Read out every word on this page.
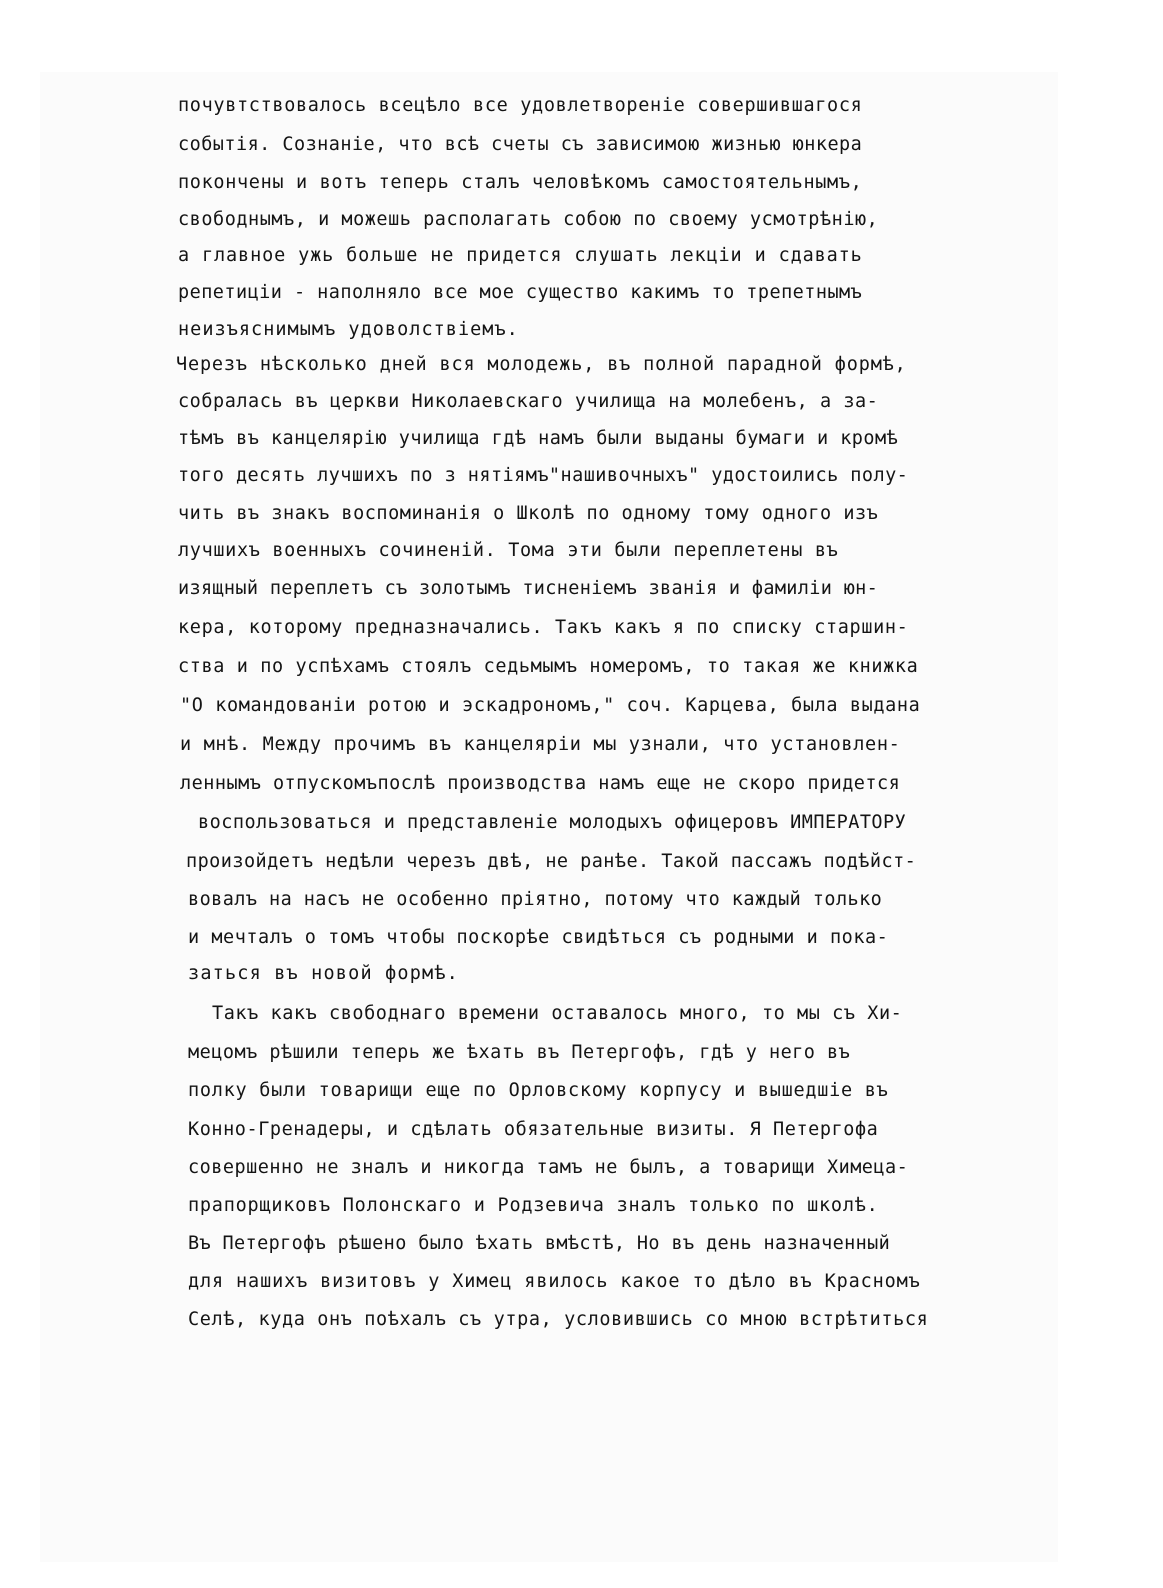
почувтствовалось всецѣло все удовлетвореніе совершившагося
событія. Сознаніе, что всѣ счеты съ зависимою жизнью юнкера
покончены и вотъ теперь сталъ человѣкомъ самостоятельнымъ,
свободнымъ, и можешь располагать собою по своему усмотрѣнію,
а главное ужь больше не придется слушать лекціи и сдавать
репетиціи - наполняло все мое существо какимъ то трепетнымъ
неизъяснимымъ удоволствіемъ.
Черезъ нѣсколько дней вся молодежь, въ полной парадной формѣ,
собралась въ церкви Николаевскаго училища на молебенъ, а за-
тѣмъ въ канцелярію училища гдѣ намъ были выданы бумаги и кромѣ
того десять лучшихъ по з нятіямъ"нашивочныхъ" удостоились полу-
чить въ знакъ воспоминанія о Школѣ по одному тому одного изъ
лучшихъ военныхъ сочиненій. Тома эти были переплетены въ
изящный переплетъ съ золотымъ тисненіемъ званія и фамиліи юн-
кера, которому предназначались. Такъ какъ я по списку старшин-
ства и по успѣхамъ стоялъ седьмымъ номеромъ, то такая же книжка
"О командованіи ротою и эскадрономъ," соч. Карцева, была выдана
и мнѣ. Между прочимъ въ канцеляріи мы узнали, что установлен-
леннымъ отпускомъпослѣ производства намъ еще не скоро придется
воспользоваться и представленіе молодыхъ офицеровъ ИМПЕРАТОРУ
произойдетъ недѣли черезъ двѣ, не ранѣе. Такой пассажъ подѣйст-
вовалъ на насъ не особенно пріятно, потому что каждый только
и мечталъ о томъ чтобы поскорѣе свидѣться съ родными и пока-
заться въ новой формѣ.
Такъ какъ свободнаго времени оставалось много, то мы съ Хи-
мецомъ рѣшили теперь же ѣхать въ Петергофъ, гдѣ у него въ
полку были товарищи еще по Орловскому корпусу и вышедшіе въ
Конно-Гренадеры, и сдѣлать обязательные визиты. Я Петергофа
совершенно не зналъ и никогда тамъ не былъ, а товарищи Химеца-
прапорщиковъ Полонскаго и Родзевича зналъ только по школѣ.
Въ Петергофъ рѣшено было ѣхать вмѣстѣ, Но въ день назначенный
для нашихъ визитовъ у Химец явилось какое то дѣло въ Красномъ
Селѣ, куда онъ поѣхалъ съ утра, условившись со мною встрѣтиться
